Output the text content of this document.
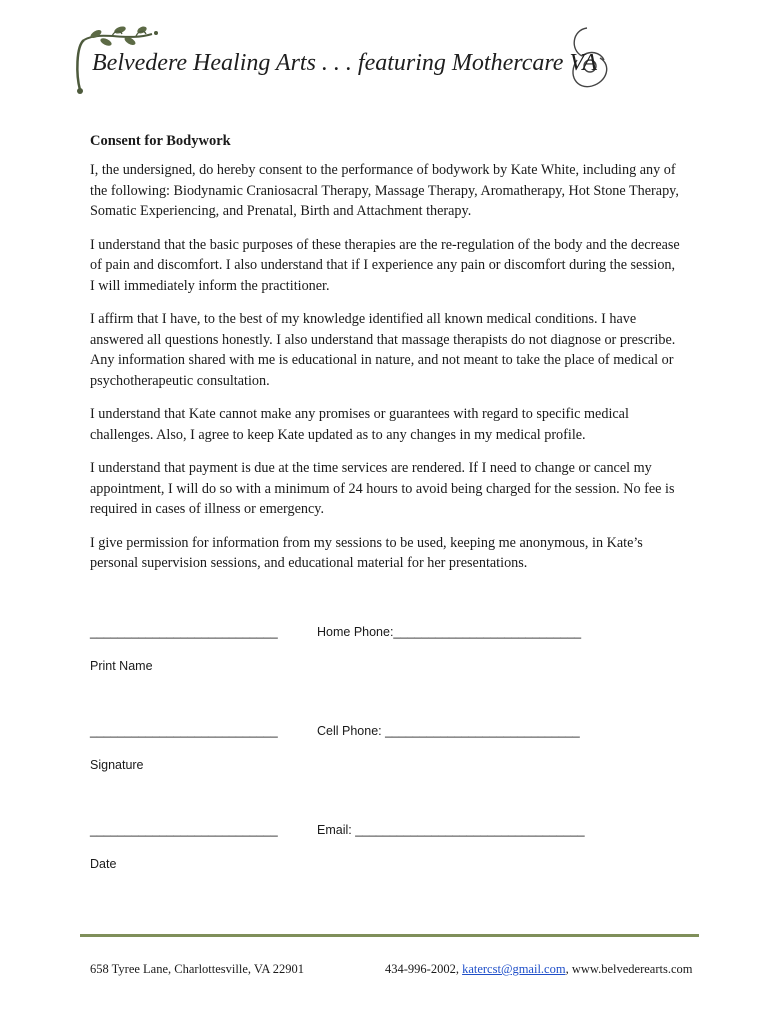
Belvedere Healing Arts . . . featuring Mothercare VA
Consent for Bodywork

I, the undersigned, do hereby consent to the performance of bodywork by Kate White, including any of the following: Biodynamic Craniosacral Therapy, Massage Therapy, Aromatherapy, Hot Stone Therapy, Somatic Experiencing, and Prenatal, Birth and Attachment therapy.

I understand that the basic purposes of these therapies are the re-regulation of the body and the decrease of pain and discomfort. I also understand that if I experience any pain or discomfort during the session, I will immediately inform the practitioner.

I affirm that I have, to the best of my knowledge identified all known medical conditions. I have answered all questions honestly. I also understand that massage therapists do not diagnose or prescribe. Any information shared with me is educational in nature, and not meant to take the place of medical or psychotherapeutic consultation.

I understand that Kate cannot make any promises or guarantees with regard to specific medical challenges. Also, I agree to keep Kate updated as to any changes in my medical profile.

I understand that payment is due at the time services are rendered. If I need to change or cancel my appointment, I will do so with a minimum of 24 hours to avoid being charged for the session. No fee is required in cases of illness or emergency.

I give permission for information from my sessions to be used, keeping me anonymous, in Kate’s personal supervision sessions, and educational material for her presentations.

___________________________	Home Phone:___________________________
Print Name
___________________________	Cell Phone: ____________________________
Signature
___________________________	Email: _________________________________
Date
658 Tyree Lane, Charlottesville, VA 22901	434-996-2002, katercst@gmail.com, www.belvederearts.com
